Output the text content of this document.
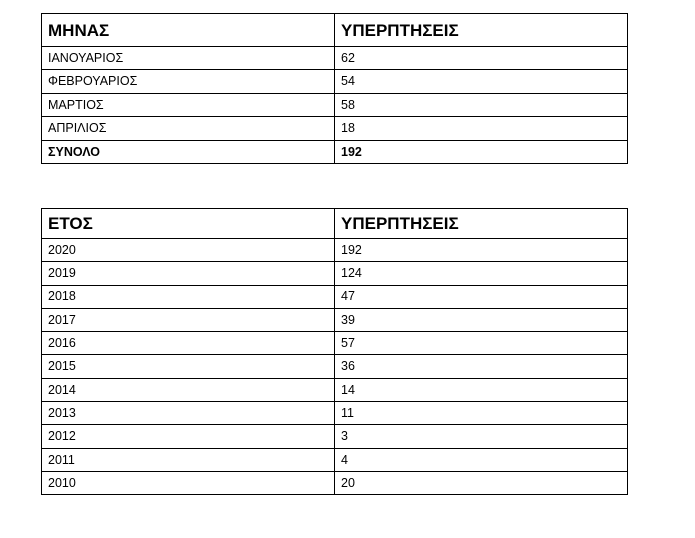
ΜΗΝΑΣ	ΥΠΕΡΠΤΗΣΕΙΣ
ΙΑΝΟΥΑΡΙΟΣ	62
ΦΕΒΡΟΥΑΡΙΟΣ	54
ΜΑΡΤΙΟΣ	58
ΑΠΡΙΛΙΟΣ	18
ΣΥΝΟΛΟ	192
ΕΤΟΣ	ΥΠΕΡΠΤΗΣΕΙΣ
2020	192
2019	124
2018	47
2017	39
2016	57
2015	36
2014	14
2013	11
2012	3
2011	4
2010	20
